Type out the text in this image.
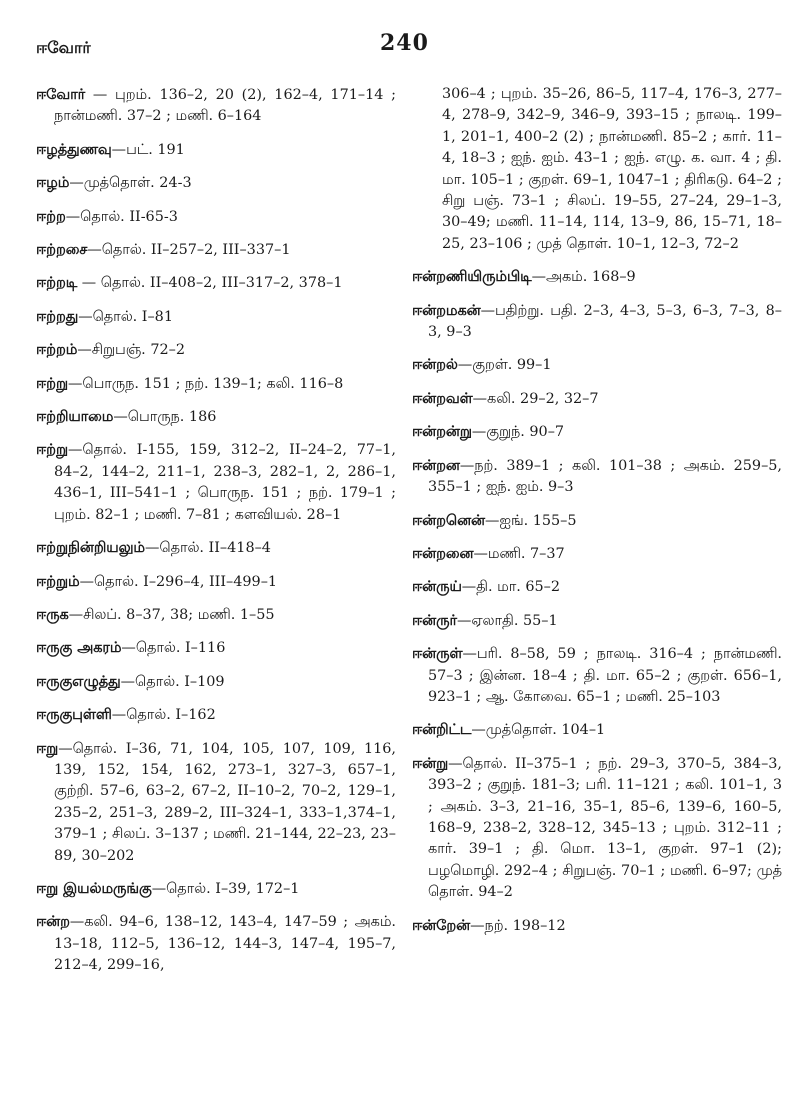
ஈவோர்	240

ஈவோர் — புறம். 136–2, 20 (2), 162–4, 171–14 ; நான்மணி. 37–2 ; மணி. 6–164

ஈழத்துணவு—பட். 191

ஈழம்—முத்தொள். 24-3

ஈற்ற—தொல். II-65-3

ஈற்றசை—தொல். II–257–2, III–337–1

ஈற்றடி — தொல். II–408–2, III–317–2, 378–1

ஈற்றது—தொல். I–81

ஈற்றம்—சிறுபஞ். 72–2

ஈற்று—பொருந. 151 ; நற். 139–1; கலி. 116–8

ஈற்றியாமை—பொருந. 186

ஈற்று—தொல். I-155, 159, 312–2, II–24–2, 77–1, 84–2, 144–2, 211–1, 238–3, 282–1, 2, 286–1, 436–1, III–541–1 ; பொருந. 151 ; நற். 179–1 ; புறம். 82–1 ; மணி. 7–81 ; களவியல். 28–1

ஈற்றுநின்றியலும்—தொல். II–418–4

ஈற்றும்—தொல். I–296–4, III–499–1

ஈருக—சிலப். 8–37, 38; மணி. 1–55

ஈருகு அகரம்—தொல். I–116

ஈருகுஎழுத்து—தொல். I–109

ஈருகுபுள்ளி—தொல். I–162

ஈறு—தொல். I–36, 71, 104, 105, 107, 109, 116, 139, 152, 154, 162, 273–1, 327–3, 657–1, குற்றி. 57–6, 63–2, 67–2, II–10–2, 70–2, 129–1, 235–2, 251–3, 289–2, III–324–1, 333–1,374–1, 379–1 ; சிலப். 3–137 ; மணி. 21–144, 22–23, 23–89, 30–202

ஈறு இயல்மருங்கு—தொல். I–39, 172–1

ஈன்ற—கலி. 94–6, 138–12, 143–4, 147–59 ; அகம். 13–18, 112–5, 136–12, 144–3, 147–4, 195–7, 212–4, 299–16,

306–4 ; புறம். 35–26, 86–5, 117–4, 176–3, 277–4, 278–9, 342–9, 346–9, 393–15 ; நாலடி. 199–1, 201–1, 400–2 (2) ; நான்மணி. 85–2 ; கார். 11–4, 18–3 ; ஐந். ஐம். 43–1 ; ஐந். எழு. க. வா. 4 ; தி. மா. 105–1 ; குறள். 69–1, 1047–1 ; திரிகடு. 64–2 ; சிறு பஞ். 73–1 ; சிலப். 19–55, 27–24, 29–1–3, 30–49; மணி. 11–14, 114, 13–9, 86, 15–71, 18–25, 23–106 ; முத் தொள். 10–1, 12–3, 72–2

ஈன்றணியிரும்பிடி—அகம். 168–9

ஈன்றமகன்—பதிற்று. பதி. 2–3, 4–3, 5–3, 6–3, 7–3, 8–3, 9–3

ஈன்றல்—குறள். 99–1

ஈன்றவள்—கலி. 29–2, 32–7

ஈன்றன்று—குறுந். 90–7

ஈன்றன—நற். 389–1 ; கலி. 101–38 ; அகம். 259–5, 355–1 ; ஐந். ஐம். 9–3

ஈன்றனென்—ஐங். 155–5

ஈன்றனை—மணி. 7–37

ஈன்ருய்—தி. மா. 65–2

ஈன்ருர்—ஏலாதி. 55–1

ஈன்ருள்—பரி. 8–58, 59 ; நாலடி. 316–4 ; நான்மணி. 57–3 ; இன்ன. 18–4 ; தி. மா. 65–2 ; குறள். 656–1, 923–1 ; ஆ. கோவை. 65–1 ; மணி. 25–103

ஈன்றிட்ட—முத்தொள். 104–1

ஈன்று—தொல். II–375–1 ; நற். 29–3, 370–5, 384–3, 393–2 ; குறுந். 181–3; பரி. 11–121 ; கலி. 101–1, 3 ; அகம். 3–3, 21–16, 35–1, 85–6, 139–6, 160–5, 168–9, 238–2, 328–12, 345–13 ; புறம். 312–11 ; கார். 39–1 ; தி. மொ. 13–1, குறள். 97–1 (2); பழமொழி. 292–4 ; சிறுபஞ். 70–1 ; மணி. 6–97; முத் தொள். 94–2

ஈன்றேன்—நற். 198–12
